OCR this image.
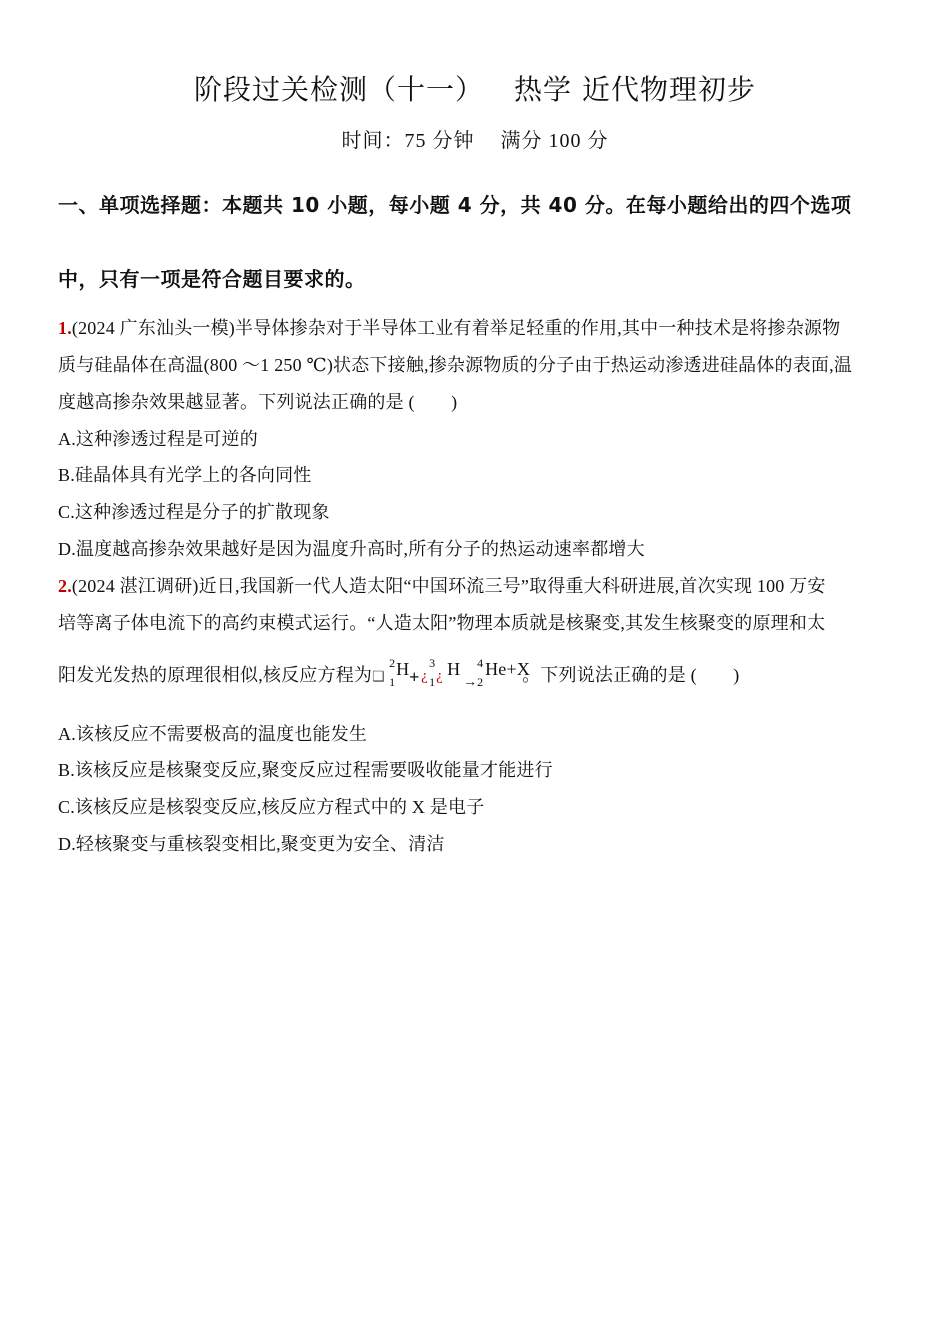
阶段过关检测（十一） 热学 近代物理初步
时间：75 分钟 满分 100 分
一、单项选择题：本题共 10 小题，每小题 4 分，共 40 分。在每小题给出的四个选项
中，只有一项是符合题目要求的。
1.(2024 广东汕头一模)半导体掺杂对于半导体工业有着举足轻重的作用,其中一种技术是将掺杂源物
质与硅晶体在高温(800 ～1 250 ℃)状态下接触,掺杂源物质的分子由于热运动渗透进硅晶体的表面,温
度越高掺杂效果越显著。下列说法正确的是 (　　)
A.这种渗透过程是可逆的
B.硅晶体具有光学上的各向同性
C.这种渗透过程是分子的扩散现象
D.温度越高掺杂效果越好是因为温度升高时,所有分子的热运动速率都增大
2.(2024 湛江调研)近日,我国新一代人造太阳“中国环流三号”取得重大科研进展,首次实现 100 万安
培等离子体电流下的高约束模式运行。“人造太阳”物理本质就是核聚变,其发生核聚变的原理和太
阳发光发热的原理很相似,核反应方程为 ❑
2
1
H + ¿
3
1 ¿ H
→
4
2
He+X
。下列说法正确的是 (　　)
A.该核反应不需要极高的温度也能发生
B.该核反应是核聚变反应,聚变反应过程需要吸收能量才能进行
C.该核反应是核裂变反应,核反应方程式中的 X 是电子
D.轻核聚变与重核裂变相比,聚变更为安全、清洁
